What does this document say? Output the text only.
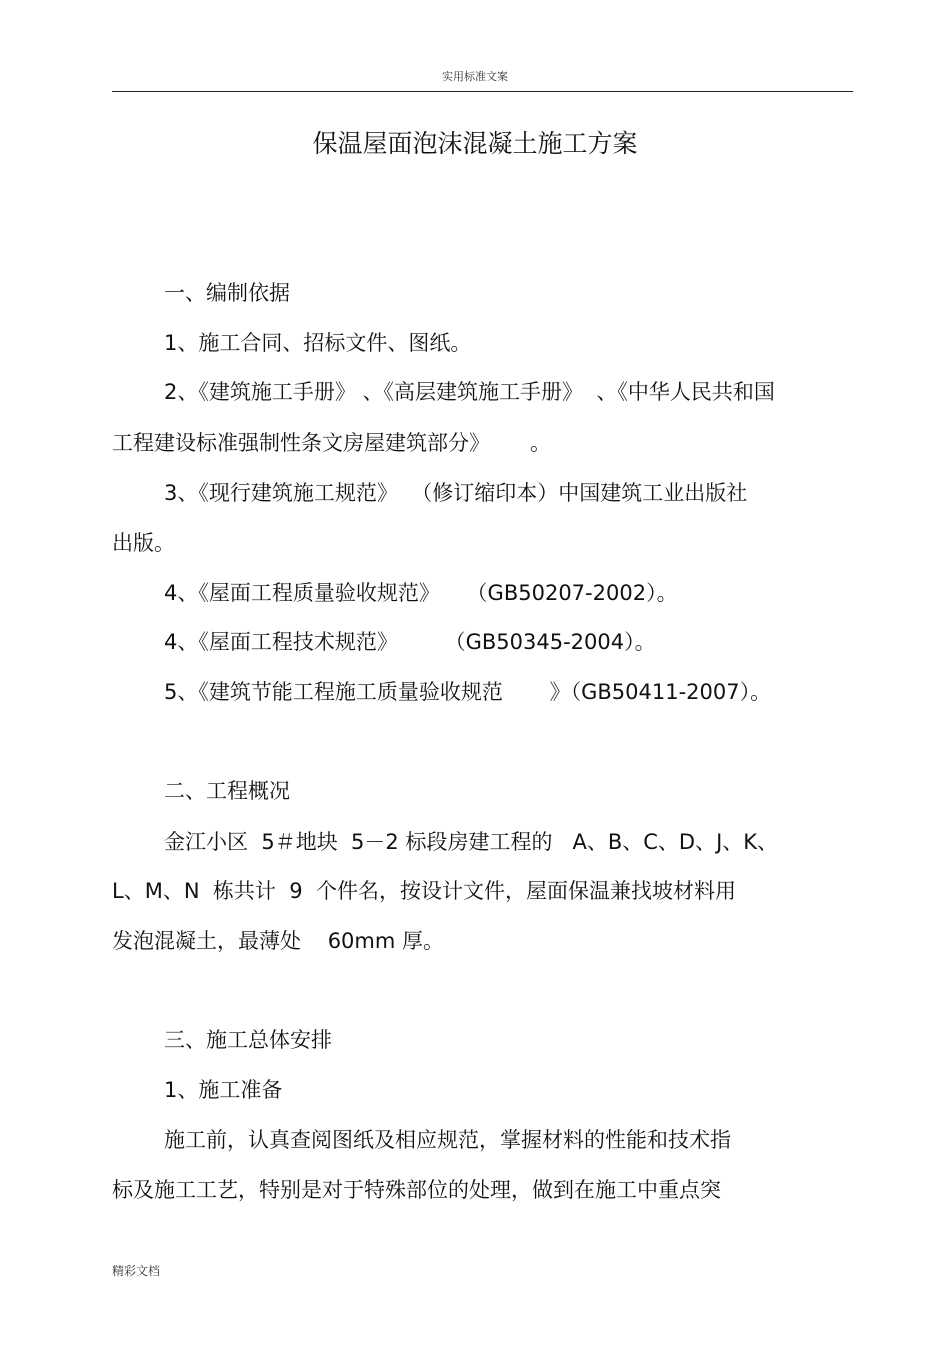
实用标准文案
保温屋面泡沫混凝土施工方案
一、编制依据
1、施工合同、招标文件、图纸。
2、《建筑施工手册》 、《高层建筑施工手册》  、《中华人民共和国
工程建设标准强制性条文房屋建筑部分》      。
3、《现行建筑施工规范》  （修订缩印本）中国建筑工业出版社
出版。
4、《屋面工程质量验收规范》    （GB50207-2002）。
4、《屋面工程技术规范》       （GB50345-2004）。
5、《建筑节能工程施工质量验收规范       》（GB50411-2007）。
二、工程概况
金江小区  5＃地块  5－2 标段房建工程的   A、B、C、D、J、K、
L、M、N  栋共计  9  个件名，按设计文件，屋面保温兼找坡材料用
发泡混凝土，最薄处    60mm 厚。
三、施工总体安排
1、施工准备
施工前，认真查阅图纸及相应规范，掌握材料的性能和技术指
标及施工工艺，特别是对于特殊部位的处理，做到在施工中重点突
精彩文档
